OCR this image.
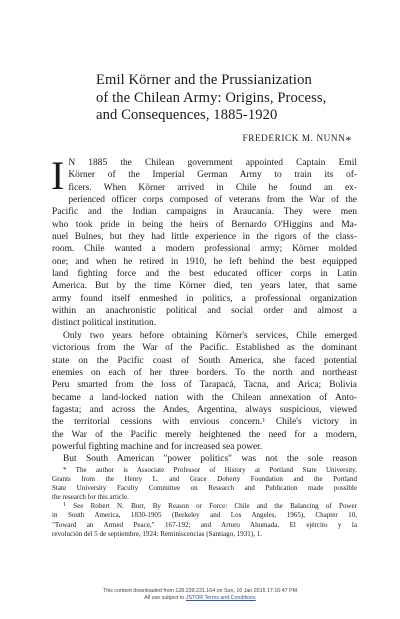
Emil Körner and the Prussianization
of the Chilean Army: Origins, Process,
and Consequences, 1885-1920
FREDERICK M. NUNN*
I N 1885 the Chilean government appointed Captain Emil
Körner of the Imperial German Army to train its of-
ficers. When Körner arrived in Chile he found an ex-
perienced officer corps composed of veterans from the War of the
Pacific and the Indian campaigns in Araucanía. They were men
who took pride in being the heirs of Bernardo O'Higgins and Ma-
nuel Bulnes, but they had little experience in the rigors of the class-
room. Chile wanted a modern professional army; Körner molded
one; and when he retired in 1910, he left behind the best equipped
land fighting force and the best educated officer corps in Latin
America. But by the time Körner died, ten years later, that same
army found itself enmeshed in politics, a professional organization
within an anachronistic political and social order and almost a
distinct political institution.
Only two years before obtaining Körner's services, Chile emerged
victorious from the War of the Pacific. Established as the dominant
state on the Pacific coast of South America, she faced potential
enemies on each of her three borders. To the north and northeast
Peru smarted from the loss of Tarapacá, Tacna, and Arica; Bolivia
became a land-locked nation with the Chilean annexation of Anto-
fagasta; and across the Andes, Argentina, always suspicious, viewed
the territorial cessions with envious concern.$^1$ Chile's victory in
the War of the Pacific merely heightened the need for a modern,
powerful fighting machine and for increased sea power.
But South American "power politics" was not the sole reason
* The author is Associate Professor of History at Portland State University.
Grants from the Henry L. and Grace Doherty Foundation and the Portland
State University Faculty Committee on Research and Publication made possible
the research for this article.
$^1$ See Robert N. Burr, By Reason or Force: Chile and the Balancing of Power
in South America, 1830-1905 (Berkeley and Los Angeles, 1965), Chapter 10,
"Toward an Armed Peace," 167-192; and Arturo Ahumada, El ejército y la
revolución del 5 de septiembre, 1924: Reminiscencias (Santiago, 1931), 1.
This content downloaded from 128.239.231.164 on Sun, 16 Jan 2015 17:16:47 PM
All use subject to JSTOR Terms and Conditions
